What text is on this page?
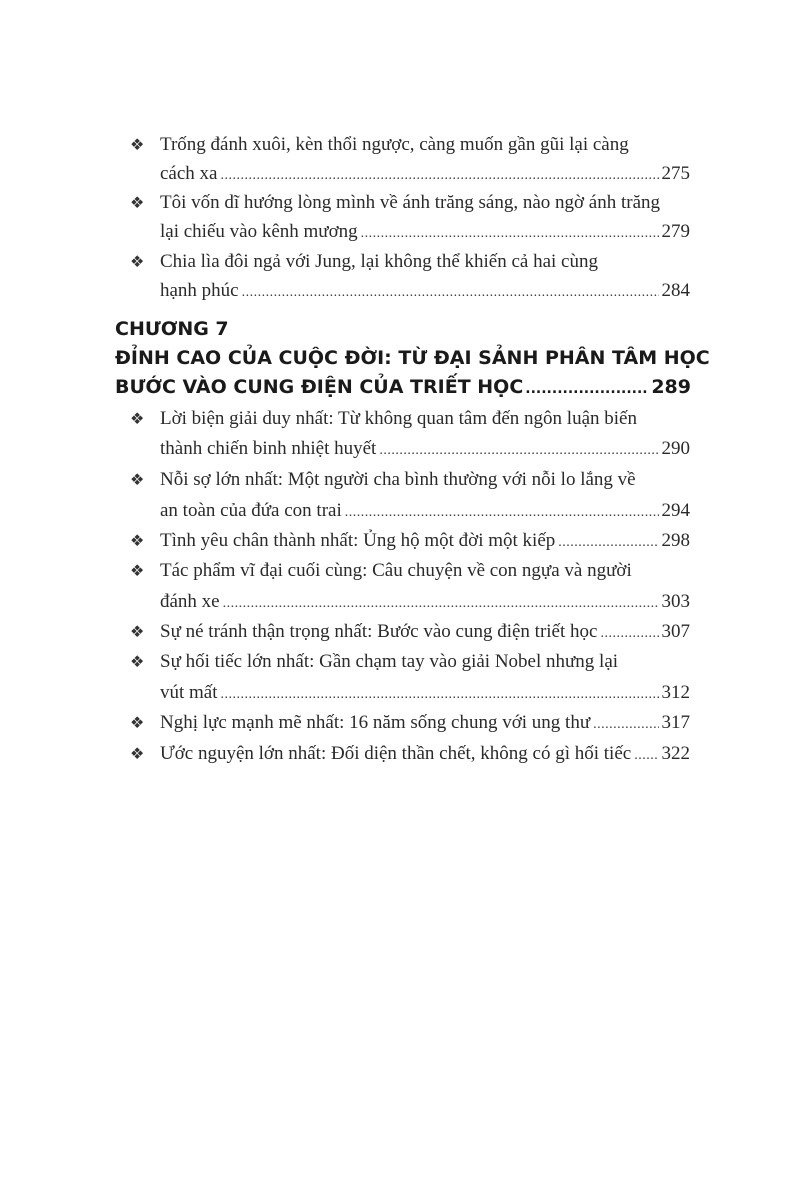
❖ Trống đánh xuôi, kèn thổi ngược, càng muốn gần gũi lại càng
cách xa .....	275
❖ Tôi vốn dĩ hướng lòng mình về ánh trăng sáng, nào ngờ ánh trăng
lại chiếu vào kênh mương .....	279
❖ Chia lìa đôi ngả với Jung, lại không thể khiến cả hai cùng
hạnh phúc .....	284
CHƯƠNG 7
ĐỈNH CAO CỦA CUỘC ĐỜI: TỪ ĐẠI SẢNH PHÂN TÂM HỌC
BƯỚC VÀO CUNG ĐIỆN CỦA TRIẾT HỌC .....	289
❖ Lời biện giải duy nhất: Từ không quan tâm đến ngôn luận biến
thành chiến binh nhiệt huyết .....	290
❖ Nỗi sợ lớn nhất: Một người cha bình thường với nỗi lo lắng về
an toàn của đứa con trai .....	294
❖ Tình yêu chân thành nhất: Ủng hộ một đời một kiếp .....	298
❖ Tác phẩm vĩ đại cuối cùng: Câu chuyện về con ngựa và người
đánh xe .....	303
❖ Sự né tránh thận trọng nhất: Bước vào cung điện triết học .....	307
❖ Sự hối tiếc lớn nhất: Gần chạm tay vào giải Nobel nhưng lại
vút mất .....	312
❖ Nghị lực mạnh mẽ nhất: 16 năm sống chung với ung thư .....	317
❖ Ước nguyện lớn nhất: Đối diện thần chết, không có gì hối tiếc ..... 322
